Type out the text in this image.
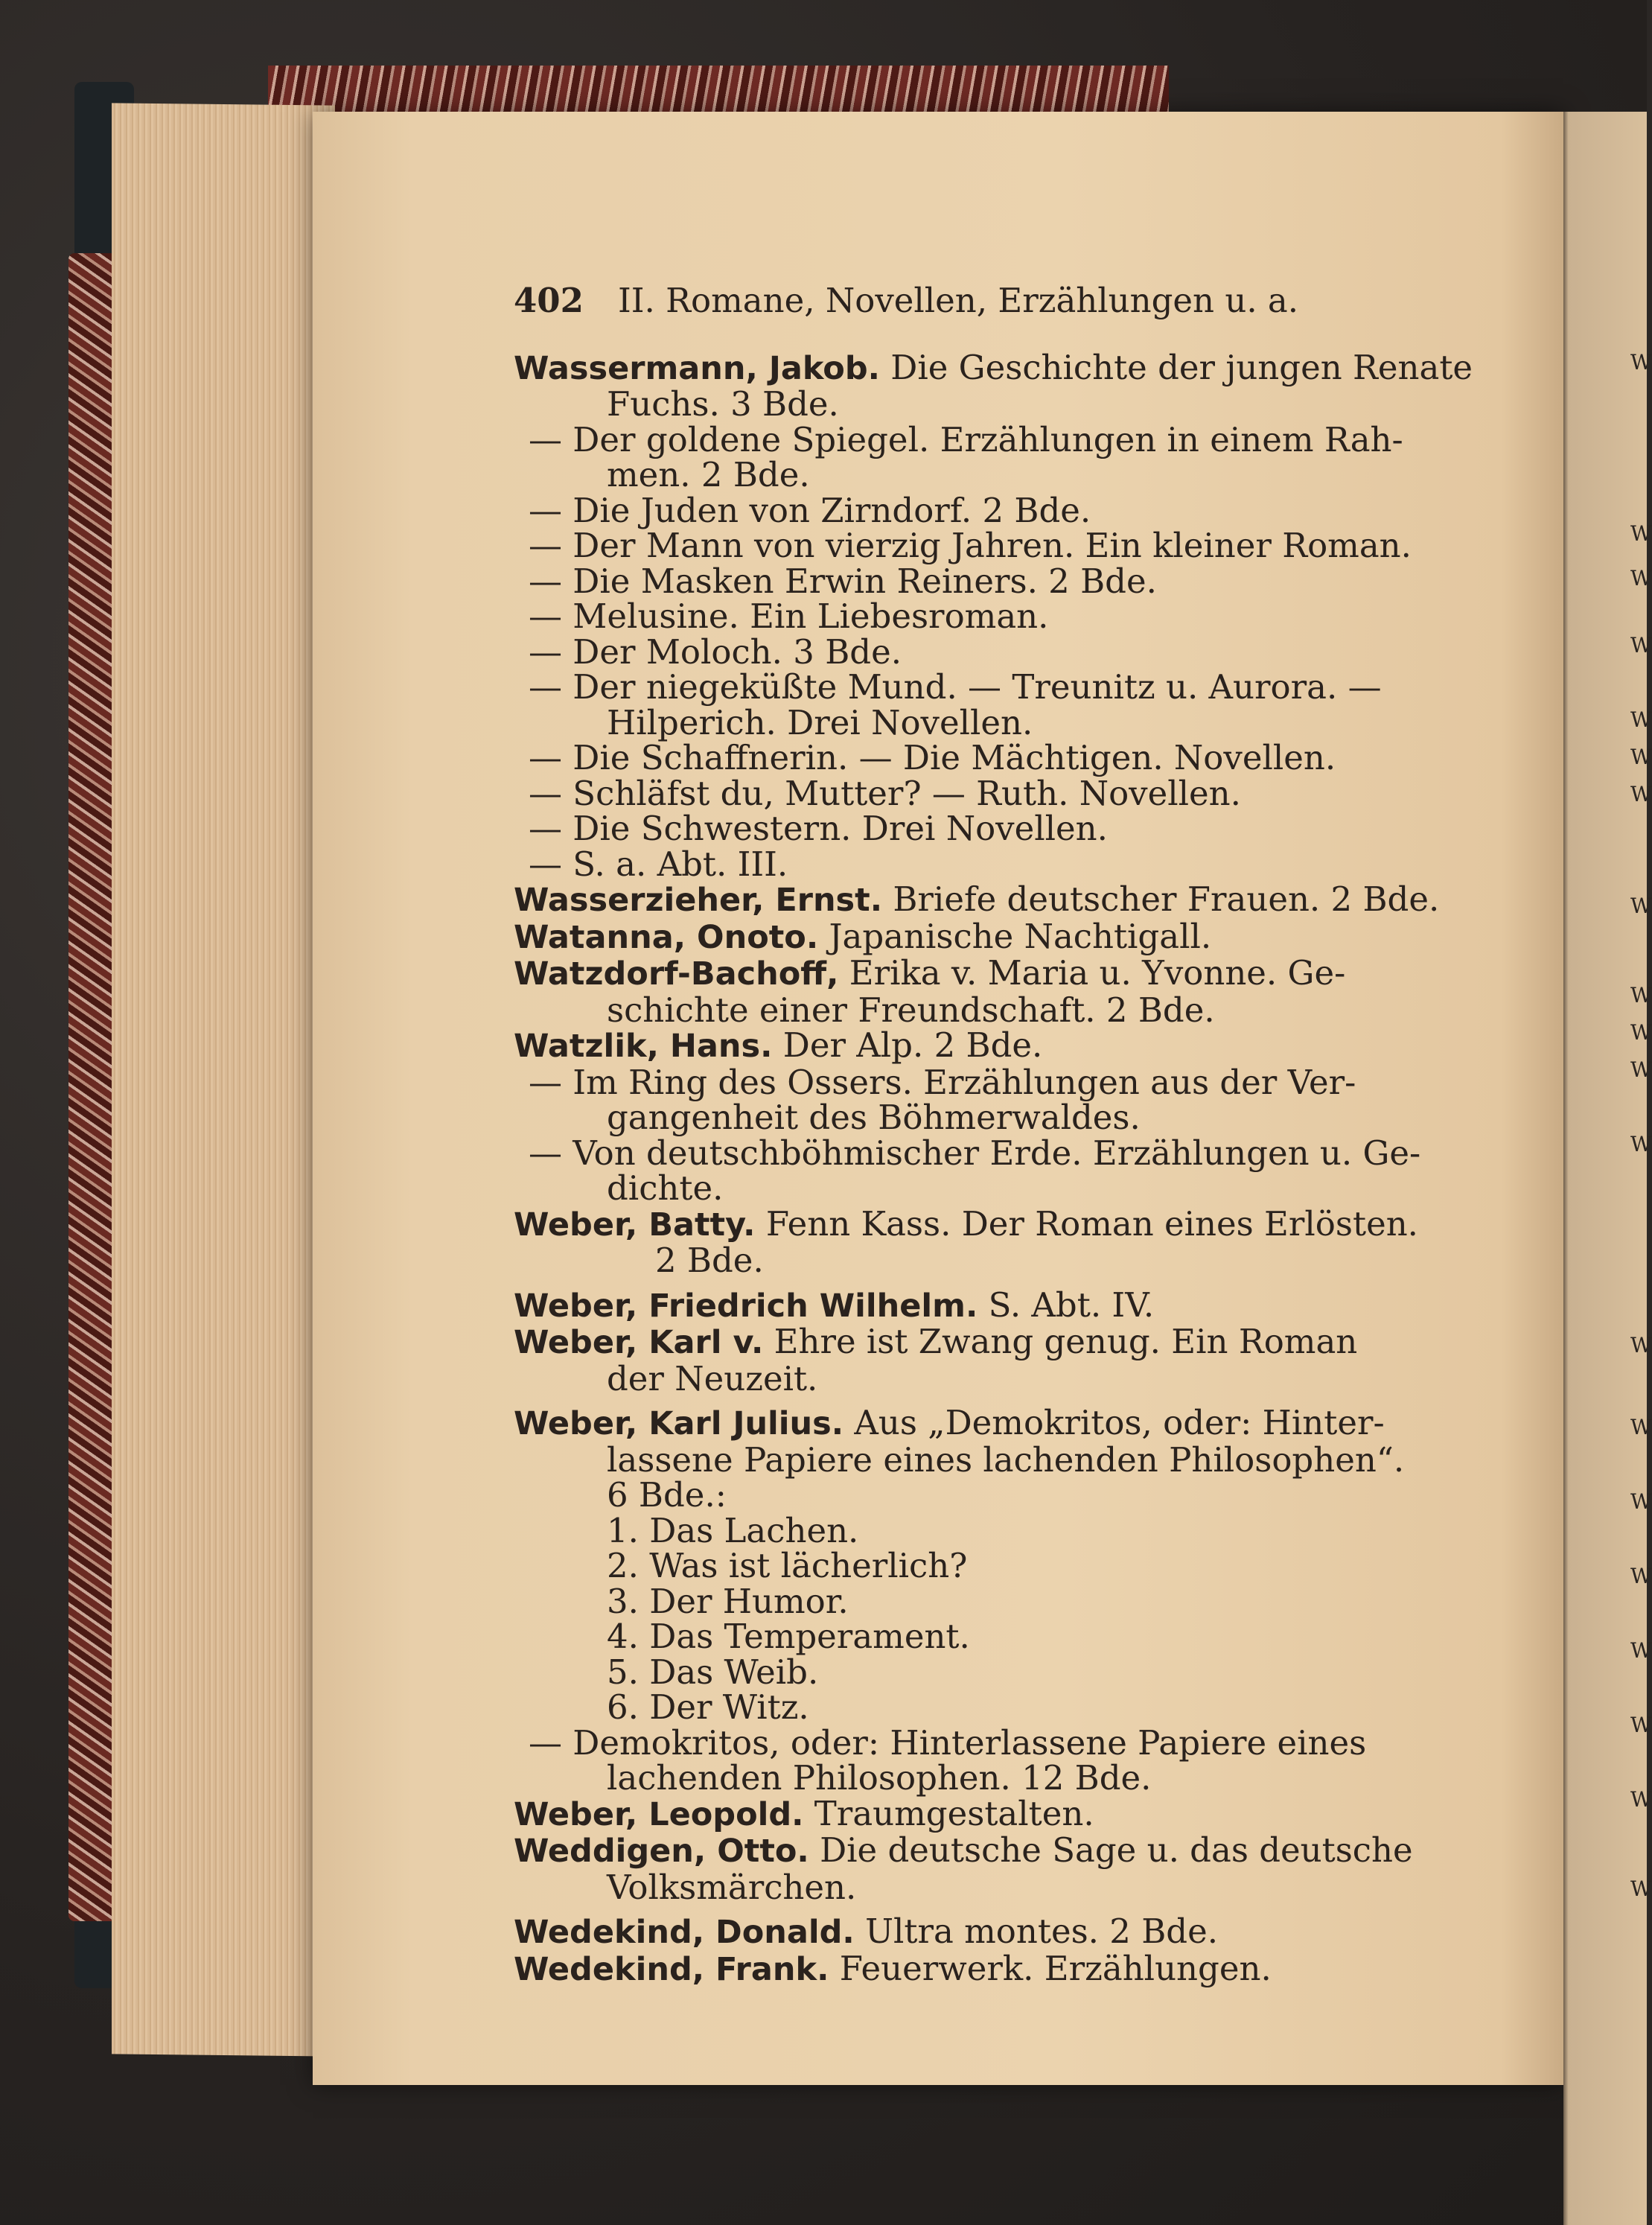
W
W
W
W
W
W
W
W
W
W
W
W
W
W
W
W
W
W
W
W
402	II. Romane, Novellen, Erzählungen u. a.
Wassermann, Jakob. Die Geschichte der jungen Renate
Fuchs. 3 Bde.
— Der goldene Spiegel. Erzählungen in einem Rah-
men. 2 Bde.
— Die Juden von Zirndorf. 2 Bde.
— Der Mann von vierzig Jahren. Ein kleiner Roman.
— Die Masken Erwin Reiners. 2 Bde.
— Melusine. Ein Liebesroman.
— Der Moloch. 3 Bde.
— Der niegeküßte Mund. — Treunitz u. Aurora. —
Hilperich. Drei Novellen.
— Die Schaffnerin. — Die Mächtigen. Novellen.
— Schläfst du, Mutter? — Ruth. Novellen.
— Die Schwestern. Drei Novellen.
— S. a. Abt. III.
Wasserzieher, Ernst. Briefe deutscher Frauen. 2 Bde.
Watanna, Onoto. Japanische Nachtigall.
Watzdorf-Bachoff, Erika v. Maria u. Yvonne. Ge-
schichte einer Freundschaft. 2 Bde.
Watzlik, Hans. Der Alp. 2 Bde.
— Im Ring des Ossers. Erzählungen aus der Ver-
gangenheit des Böhmerwaldes.
— Von deutschböhmischer Erde. Erzählungen u. Ge-
dichte.
Weber, Batty. Fenn Kass. Der Roman eines Erlösten.
2 Bde.
Weber, Friedrich Wilhelm. S. Abt. IV.
Weber, Karl v. Ehre ist Zwang genug. Ein Roman
der Neuzeit.
Weber, Karl Julius. Aus „Demokritos, oder: Hinter-
lassene Papiere eines lachenden Philosophen“.
6 Bde.:
1. Das Lachen.
2. Was ist lächerlich?
3. Der Humor.
4. Das Temperament.
5. Das Weib.
6. Der Witz.
— Demokritos, oder: Hinterlassene Papiere eines
lachenden Philosophen. 12 Bde.
Weber, Leopold. Traumgestalten.
Weddigen, Otto. Die deutsche Sage u. das deutsche
Volksmärchen.
Wedekind, Donald. Ultra montes. 2 Bde.
Wedekind, Frank. Feuerwerk. Erzählungen.
